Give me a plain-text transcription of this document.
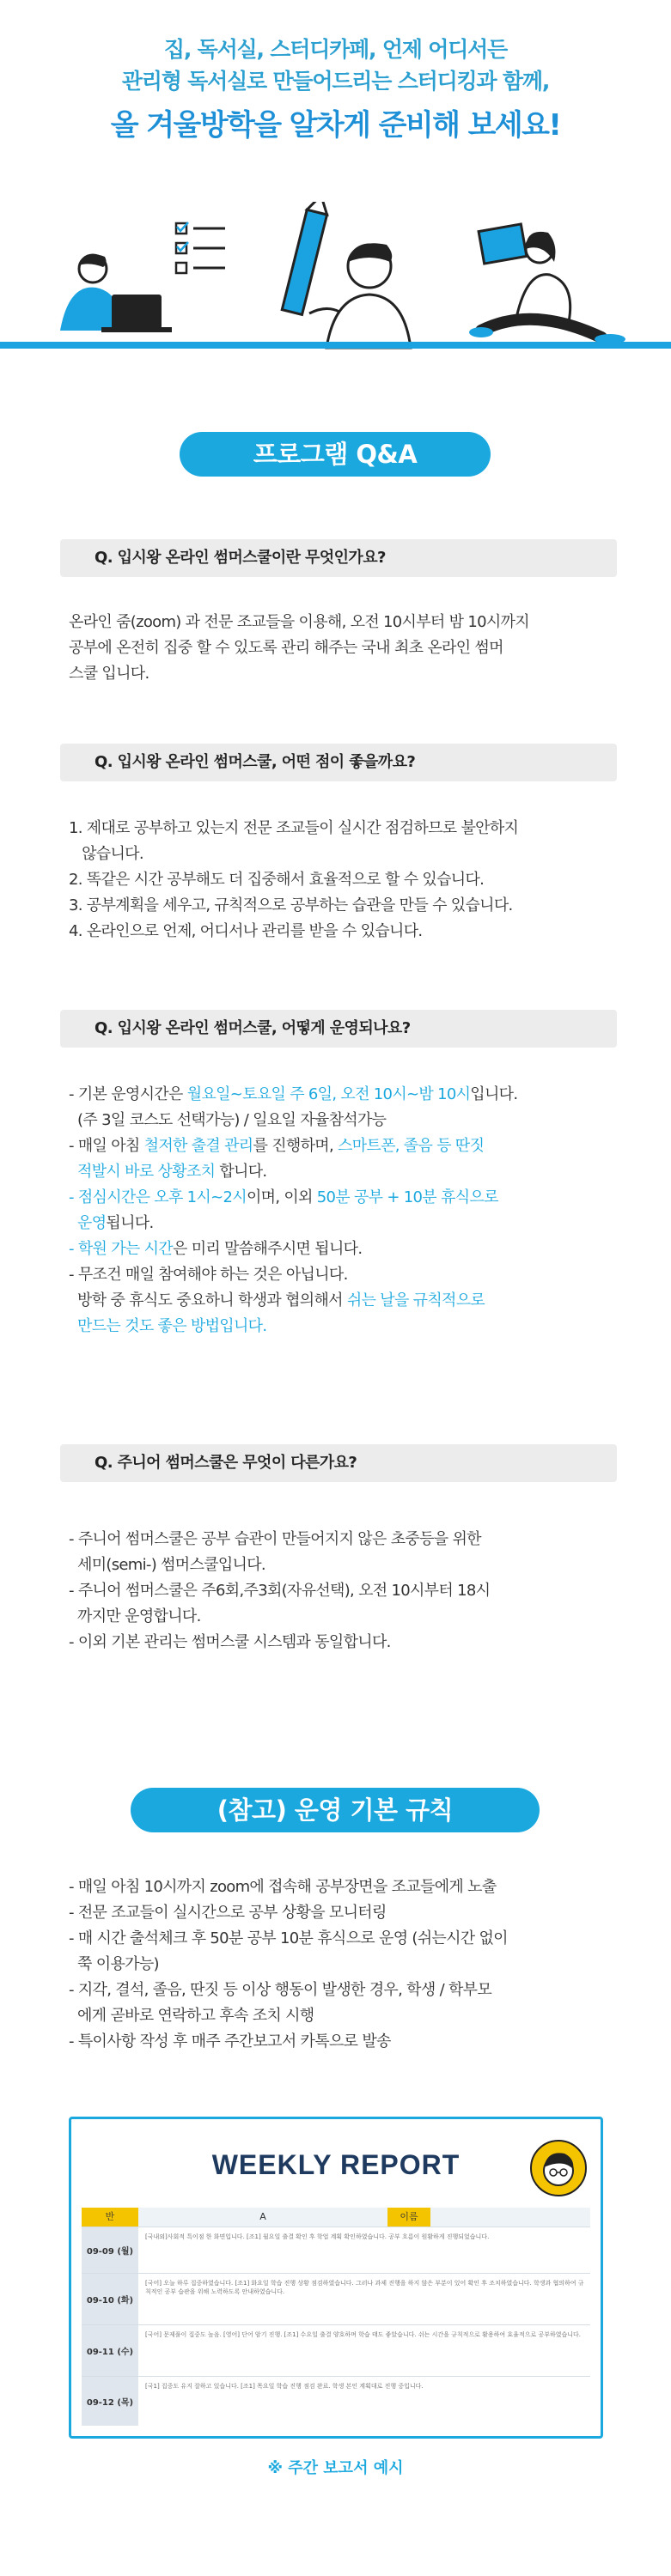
집, 독서실, 스터디카페, 언제 어디서든
관리형 독서실로 만들어드리는 스터디킹과 함께,
올 겨울방학을 알차게 준비해 보세요!
프로그램 Q&A
Q. 입시왕 온라인 썸머스쿨이란 무엇인가요?
온라인 줌(zoom) 과 전문 조교들을 이용해, 오전 10시부터 밤 10시까지
공부에 온전히 집중 할 수 있도록 관리 해주는 국내 최초 온라인 썸머
스쿨 입니다.
Q. 입시왕 온라인 썸머스쿨, 어떤 점이 좋을까요?
1. 제대로 공부하고 있는지 전문 조교들이 실시간 점검하므로 불안하지
않습니다.
2. 똑같은 시간 공부해도 더 집중해서 효율적으로 할 수 있습니다.
3. 공부계획을 세우고, 규칙적으로 공부하는 습관을 만들 수 있습니다.
4. 온라인으로 언제, 어디서나 관리를 받을 수 있습니다.
Q. 입시왕 온라인 썸머스쿨, 어떻게 운영되나요?
- 기본 운영시간은 월요일~토요일 주 6일, 오전 10시~밤 10시입니다.
(주 3일 코스도 선택가능) / 일요일 자율참석가능
- 매일 아침 철저한 출결 관리를 진행하며, 스마트폰, 졸음 등 딴짓
적발시 바로 상황조치 합니다.
- 점심시간은 오후 1시~2시이며, 이외 50분 공부 + 10분 휴식으로
운영됩니다.
- 학원 가는 시간은 미리 말씀해주시면 됩니다.
- 무조건 매일 참여해야 하는 것은 아닙니다.
방학 중 휴식도 중요하니 학생과 협의해서 쉬는 날을 규칙적으로
만드는 것도 좋은 방법입니다.
Q. 주니어 썸머스쿨은 무엇이 다른가요?
- 주니어 썸머스쿨은 공부 습관이 만들어지지 않은 초중등을 위한
세미(semi-) 썸머스쿨입니다.
- 주니어 썸머스쿨은 주6회,주3회(자유선택), 오전 10시부터 18시
까지만 운영합니다.
- 이외 기본 관리는 썸머스쿨 시스템과 동일합니다.
(참고) 운영 기본 규칙
- 매일 아침 10시까지 zoom에 접속해 공부장면을 조교들에게 노출
- 전문 조교들이 실시간으로 공부 상황을 모니터링
- 매 시간 출석체크 후 50분 공부 10분 휴식으로 운영 (쉬는시간 없이
쭉 이용가능)
- 지각, 결석, 졸음, 딴짓 등 이상 행동이 발생한 경우, 학생 / 학부모
에게 곧바로 연락하고 후속 조치 시행
- 특이사항 작성 후 매주 주간보고서 카톡으로 발송
WEEKLY REPORT
반	A	이름
09-09 (월)
[국내외]사회적 특이점 한 화면입니다. [조1] 월요일 출결 확인 후 학업 계획 확인하였습니다. 공부 흐름이 원활하게 진행되었습니다.
09-10 (화)
[국어] 오늘 하루 집중하였습니다. [조1] 화요일 학습 진행 상황 점검하였습니다. 그러나 과제 진행을 하지 않은 부분이 있어 확인 후 조치하였습니다. 학생과 협의하여 규칙적인 공부 습관을 위해 노력하도록 안내하였습니다.
09-11 (수)
[국어] 문제풀이 집중도 높음. [영어] 단어 암기 진행. [조1] 수요일 출결 양호하며 학습 태도 좋았습니다. 쉬는 시간을 규칙적으로 활용하여 효율적으로 공부하였습니다.
09-12 (목)
[국1] 집중도 유지 잘하고 있습니다. [조1] 목요일 학습 진행 점검 완료. 학생 본인 계획대로 진행 중입니다.
※ 주간 보고서 예시
